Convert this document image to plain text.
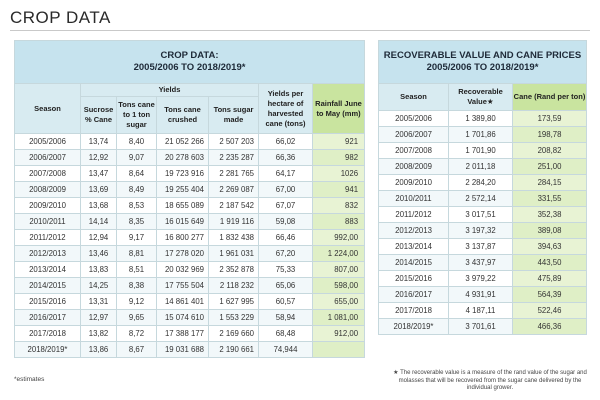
CROP DATA
CROP DATA:
2005/2006 TO 2018/2019*						

Season	Yields				Yields per hectare of harvested cane (tons)	Rainfall June to May (mm)
	Sucrose % Cane	Tons cane to 1 ton sugar	Tons cane crushed	Tons sugar made		
2005/2006	13,74	8,40	21 052 266	2 507 203	66,02	921
2006/2007	12,92	9,07	20 278 603	2 235 287	66,36	982
2007/2008	13,47	8,64	19 723 916	2 281 765	64,17	1026
2008/2009	13,69	8,49	19 255 404	2 269 087	67,00	941
2009/2010	13,68	8,53	18 655 089	2 187 542	67,07	832
2010/2011	14,14	8,35	16 015 649	1 919 116	59,08	883
2011/2012	12,94	9,17	16 800 277	1 832 438	66,46	992,00
2012/2013	13,46	8,81	17 278 020	1 961 031	67,20	1 224,00
2013/2014	13,83	8,51	20 032 969	2 352 878	75,33	807,00
2014/2015	14,25	8,38	17 755 504	2 118 232	65,06	598,00
2015/2016	13,31	9,12	14 861 401	1 627 995	60,57	655,00
2016/2017	12,97	9,65	15 074 610	1 553 229	58,94	1 081,00
2017/2018	13,82	8,72	17 388 177	2 169 660	68,48	912,00
2018/2019*	13,86	8,67	19 031 688	2 190 661	74,944	
RECOVERABLE VALUE AND CANE PRICES
2005/2006 TO 2018/2019*		

Season	Recoverable Value★	Cane (Rand per ton)
2005/2006	1 389,80	173,59
2006/2007	1 701,86	198,78
2007/2008	1 701,90	208,82
2008/2009	2 011,18	251,00
2009/2010	2 284,20	284,15
2010/2011	2 572,14	331,55
2011/2012	3 017,51	352,38
2012/2013	3 197,32	389,08
2013/2014	3 137,87	394,63
2014/2015	3 437,97	443,50
2015/2016	3 979,22	475,89
2016/2017	4 931,91	564,39
2017/2018	4 187,11	522,46
2018/2019*	3 701,61	466,36
*estimates
★ The recoverable value is a measure of the rand value of the sugar and molasses that will be recovered from the sugar cane delivered by the individual grower.
